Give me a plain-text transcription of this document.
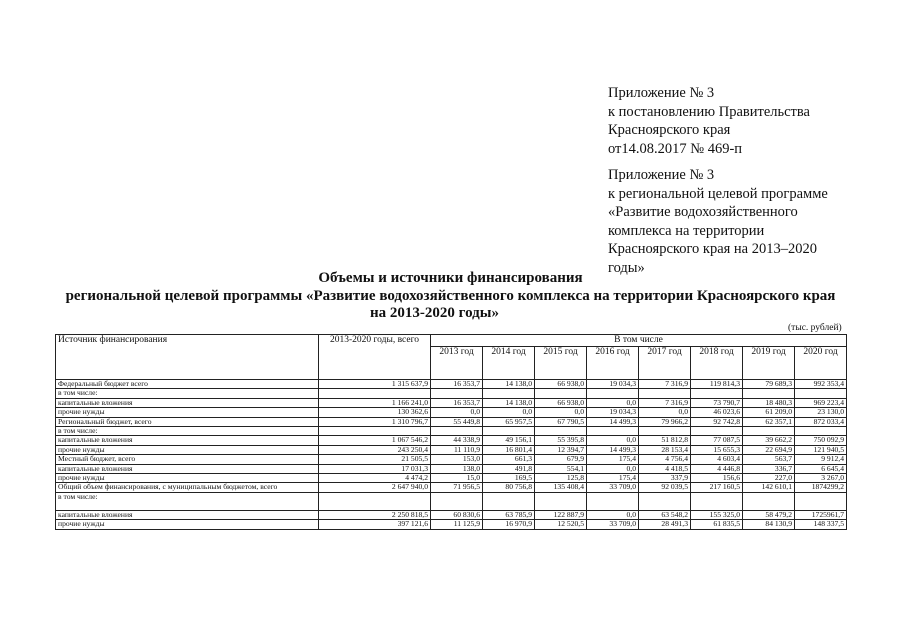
Приложение № 3
к постановлению Правительства
Красноярского края
от14.08.2017 № 469-п
Приложение № 3
к региональной целевой программе
«Развитие водохозяйственного
комплекса на территории
Красноярского края на 2013–2020
годы»
Объемы и источники финансирования
региональной целевой программы «Развитие водохозяйственного комплекса на территории Красноярского края
на 2013-2020 годы»
(тыс. рублей)
Источник финансирования	2013-2020 годы, всего	В том числе							
		2013 год	2014 год	2015 год	2016 год	2017 год	2018 год	2019 год	2020 год
Федеральный бюджет всего	1 315 637,9	16 353,7	14 138,0	66 938,0	19 034,3	7 316,9	119 814,3	79 689,3	992 353,4
в том числе:									
капитальные вложения	1 166 241,0	16 353,7	14 138,0	66 938,0	0,0	7 316,9	73 790,7	18 480,3	969 223,4
прочие нужды	130 362,6	0,0	0,0	0,0	19 034,3	0,0	46 023,6	61 209,0	23 130,0
Региональный бюджет, всего	1 310 796,7	55 449,8	65 957,5	67 790,5	14 499,3	79 966,2	92 742,8	62 357,1	872 033,4
в том числе:									
капитальные вложения	1 067 546,2	44 338,9	49 156,1	55 395,8	0,0	51 812,8	77 087,5	39 662,2	750 092,9
прочие нужды	243 250,4	11 110,9	16 801,4	12 394,7	14 499,3	28 153,4	15 655,3	22 694,9	121 940,5
Местный бюджет, всего	21 505,5	153,0	661,3	679,9	175,4	4 756,4	4 603,4	563,7	9 912,4
капитальные вложения	17 031,3	138,0	491,8	554,1	0,0	4 418,5	4 446,8	336,7	6 645,4
прочие нужды	4 474,2	15,0	169,5	125,8	175,4	337,9	156,6	227,0	3 267,0
Общий объем финансирования, с муниципальным бюджетом, всего	2 647 940,0	71 956,5	80 756,8	135 408,4	33 709,0	92 039,5	217 160,5	142 610,1	1874299,2
в том числе:									
капитальные вложения	2 250 818,5	60 830,6	63 785,9	122 887,9	0,0	63 548,2	155 325,0	58 479,2	1725961,7
прочие нужды	397 121,6	11 125,9	16 970,9	12 520,5	33 709,0	28 491,3	61 835,5	84 130,9	148 337,5
